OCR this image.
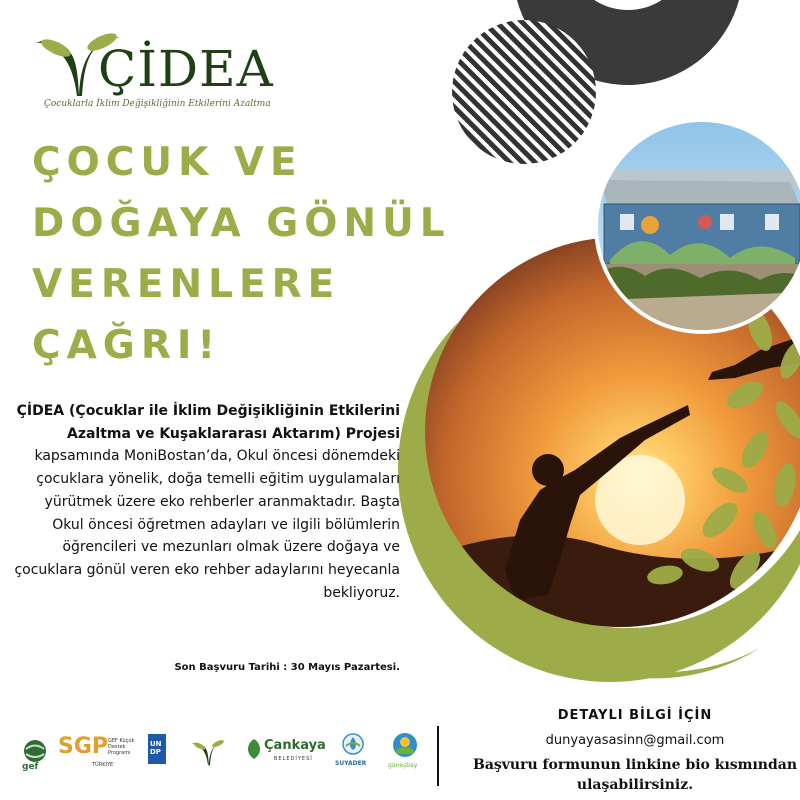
ÇİDEA
Çocuklarla İklim Değişikliğinin Etkilerini Azaltma
ÇOCUK VE
DOĞAYA GÖNÜL
VERENLERE
ÇAĞRI!
ÇİDEA (Çocuklar ile İklim Değişikliğinin Etkilerini Azaltma ve Kuşaklararası Aktarım) Projesi kapsamında MoniBostan’da, Okul öncesi dönemdeki çocuklara yönelik, doğa temelli eğitim uygulamaları yürütmek üzere eko rehberler aranmaktadır. Başta Okul öncesi öğretmen adayları ve ilgili bölümlerin öğrencileri ve mezunları olmak üzere doğaya ve çocuklara gönül veren eko rehber adaylarını heyecanla bekliyoruz.
Son Başvuru Tarihi : 30 Mayıs Pazartesi.
gef
SGP GEF Küçük Destek Programı
TÜRKİYE
UN DP	Çankaya
BELEDİYESİ
SUYADER	güneşbay
DETAYLI BİLGİ İÇİN
dunyayasasinn@gmail.com
Başvuru formunun linkine bio kısmından ulaşabilirsiniz.
